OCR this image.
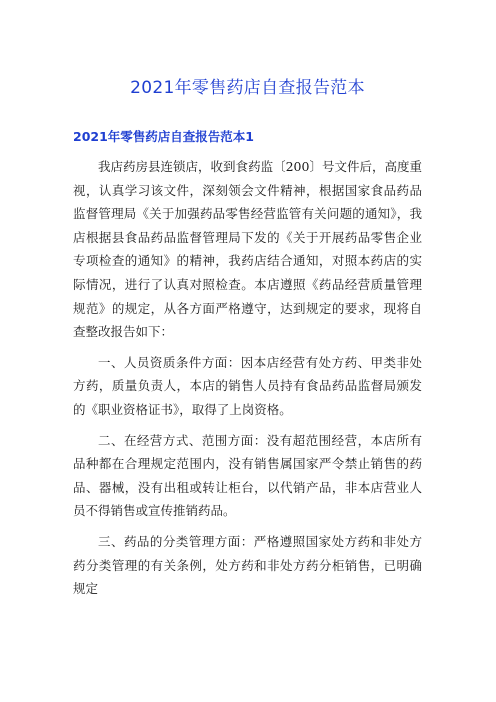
2021年零售药店自查报告范本
2021年零售药店自查报告范本1

我店药房县连锁店，收到食药监〔200〕号文件后，高度重视，认真学习该文件，深刻领会文件精神，根据国家食品药品监督管理局《关于加强药品零售经营监管有关问题的通知》，我店根据县食品药品监督管理局下发的《关于开展药品零售企业专项检查的通知》的精神，我药店结合通知，对照本药店的实际情况，进行了认真对照检查。本店遵照《药品经营质量管理规范》的规定，从各方面严格遵守，达到规定的要求，现将自查整改报告如下：

一、人员资质条件方面：因本店经营有处方药、甲类非处方药，质量负责人，本店的销售人员持有食品药品监督局颁发的《职业资格证书》，取得了上岗资格。

二、在经营方式、范围方面：没有超范围经营，本店所有品种都在合理规定范围内，没有销售属国家严令禁止销售的药品、器械，没有出租或转让柜台，以代销产品，非本店营业人员不得销售或宣传推销药品。

三、药品的分类管理方面：严格遵照国家处方药和非处方药分类管理的有关条例，处方药和非处方药分柜销售，已明确规定
